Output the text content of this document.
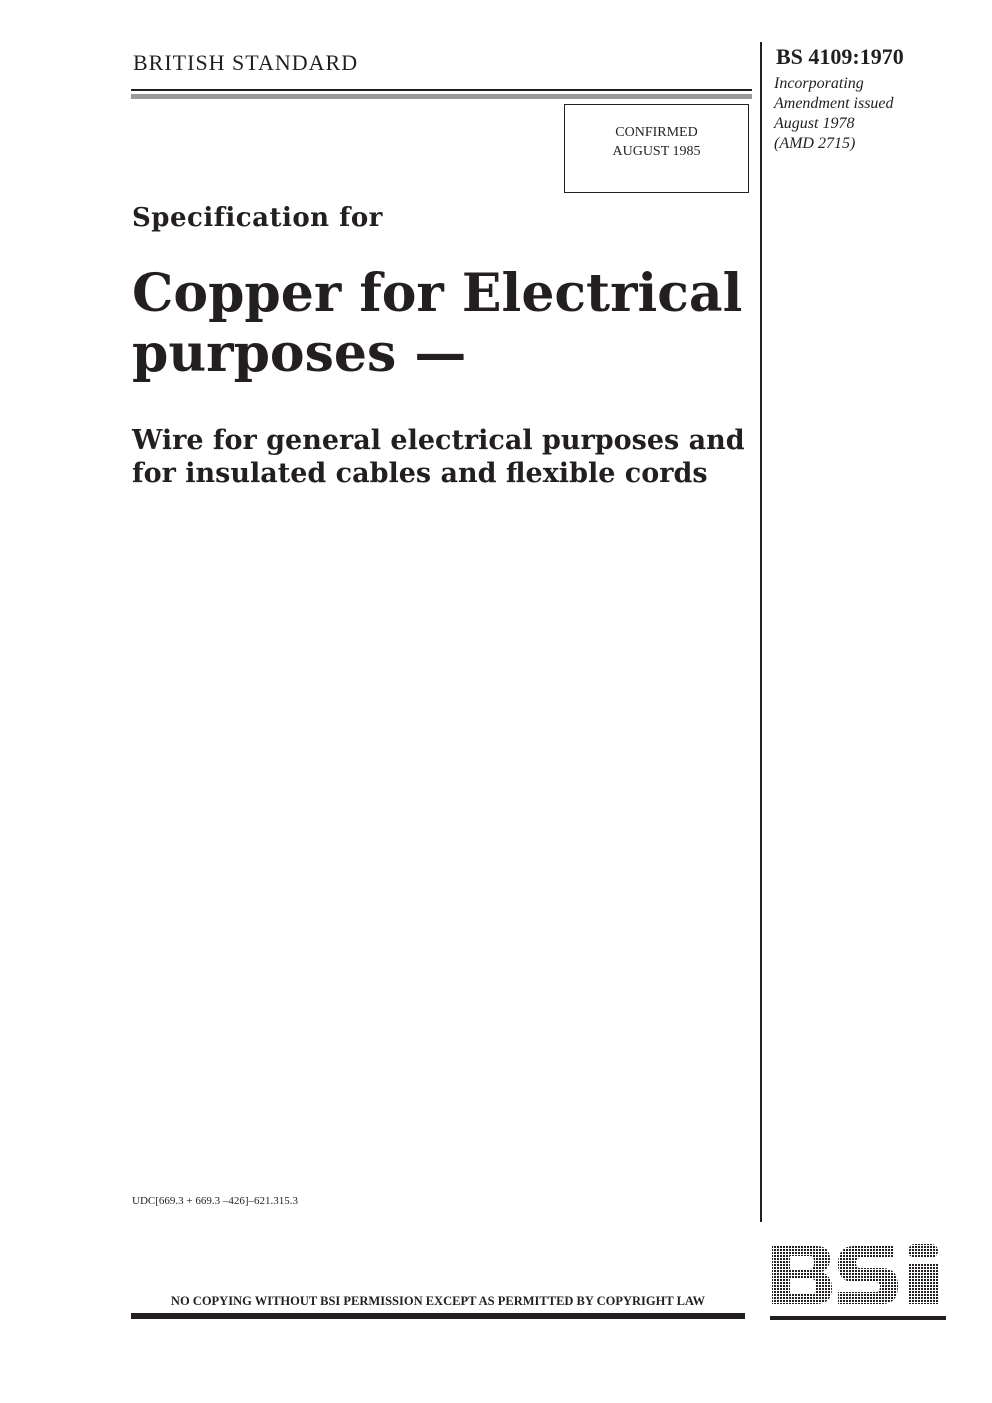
BRITISH STANDARD	BS 4109:1970
Incorporating
Amendment issued
August 1978
(AMD 2715)
CONFIRMED
AUGUST 1985
Specification for
Copper for Electrical
purposes —
Wire for general electrical purposes and
for insulated cables and flexible cords
UDC[669.3 + 669.3 –426]–621.315.3
NO COPYING WITHOUT BSI PERMISSION EXCEPT AS PERMITTED BY COPYRIGHT LAW
